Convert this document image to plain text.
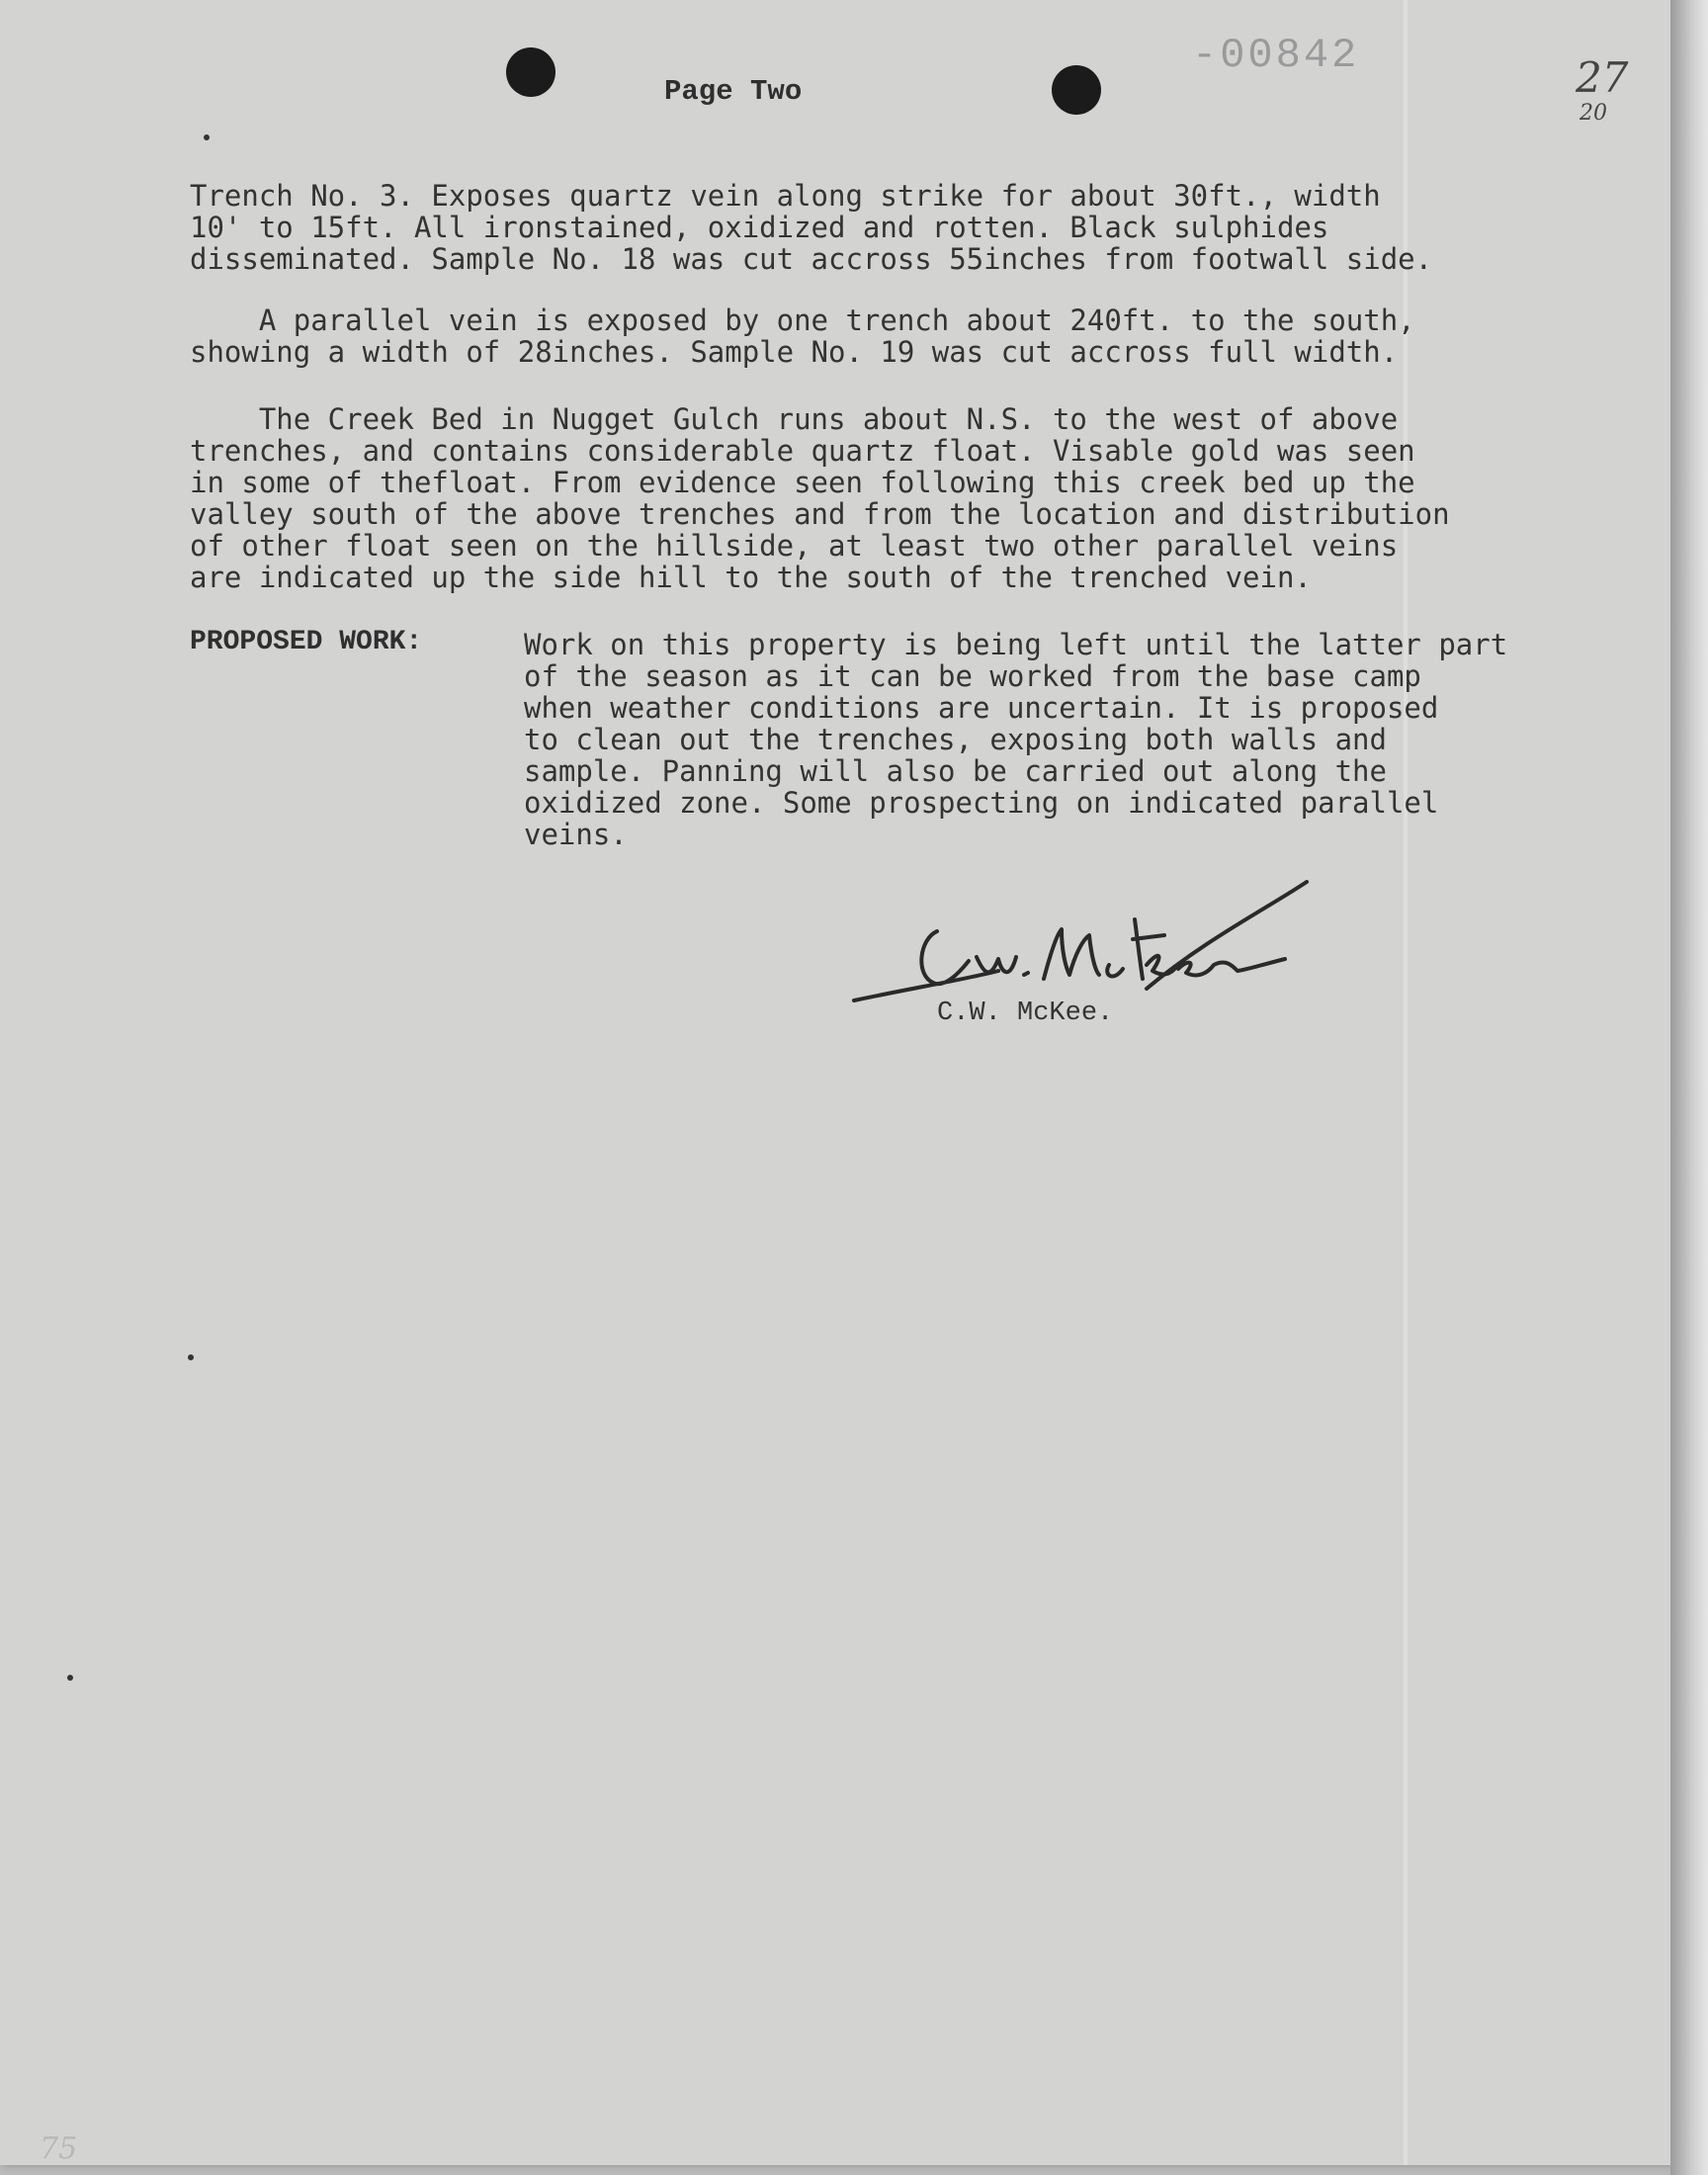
Page Two
-00842	27
20
Trench No. 3. Exposes quartz vein along strike for about 30ft., width
10' to 15ft. All ironstained, oxidized and rotten. Black sulphides
disseminated. Sample No. 18 was cut accross 55inches from footwall side.
A parallel vein is exposed by one trench about 240ft. to the south,
showing a width of 28inches. Sample No. 19 was cut accross full width.
The Creek Bed in Nugget Gulch runs about N.S. to the west of above
trenches, and contains considerable quartz float. Visable gold was seen
in some of thefloat. From evidence seen following this creek bed up the
valley south of the above trenches and from the location and distribution
of other float seen on the hillside, at least two other parallel veins
are indicated up the side hill to the south of the trenched vein.
PROPOSED WORK:	Work on this property is being left until the latter part
of the season as it can be worked from the base camp
when weather conditions are uncertain. It is proposed
to clean out the trenches, exposing both walls and
sample. Panning will also be carried out along the
oxidized zone. Some prospecting on indicated parallel
veins.
C.W. McKee.
75
